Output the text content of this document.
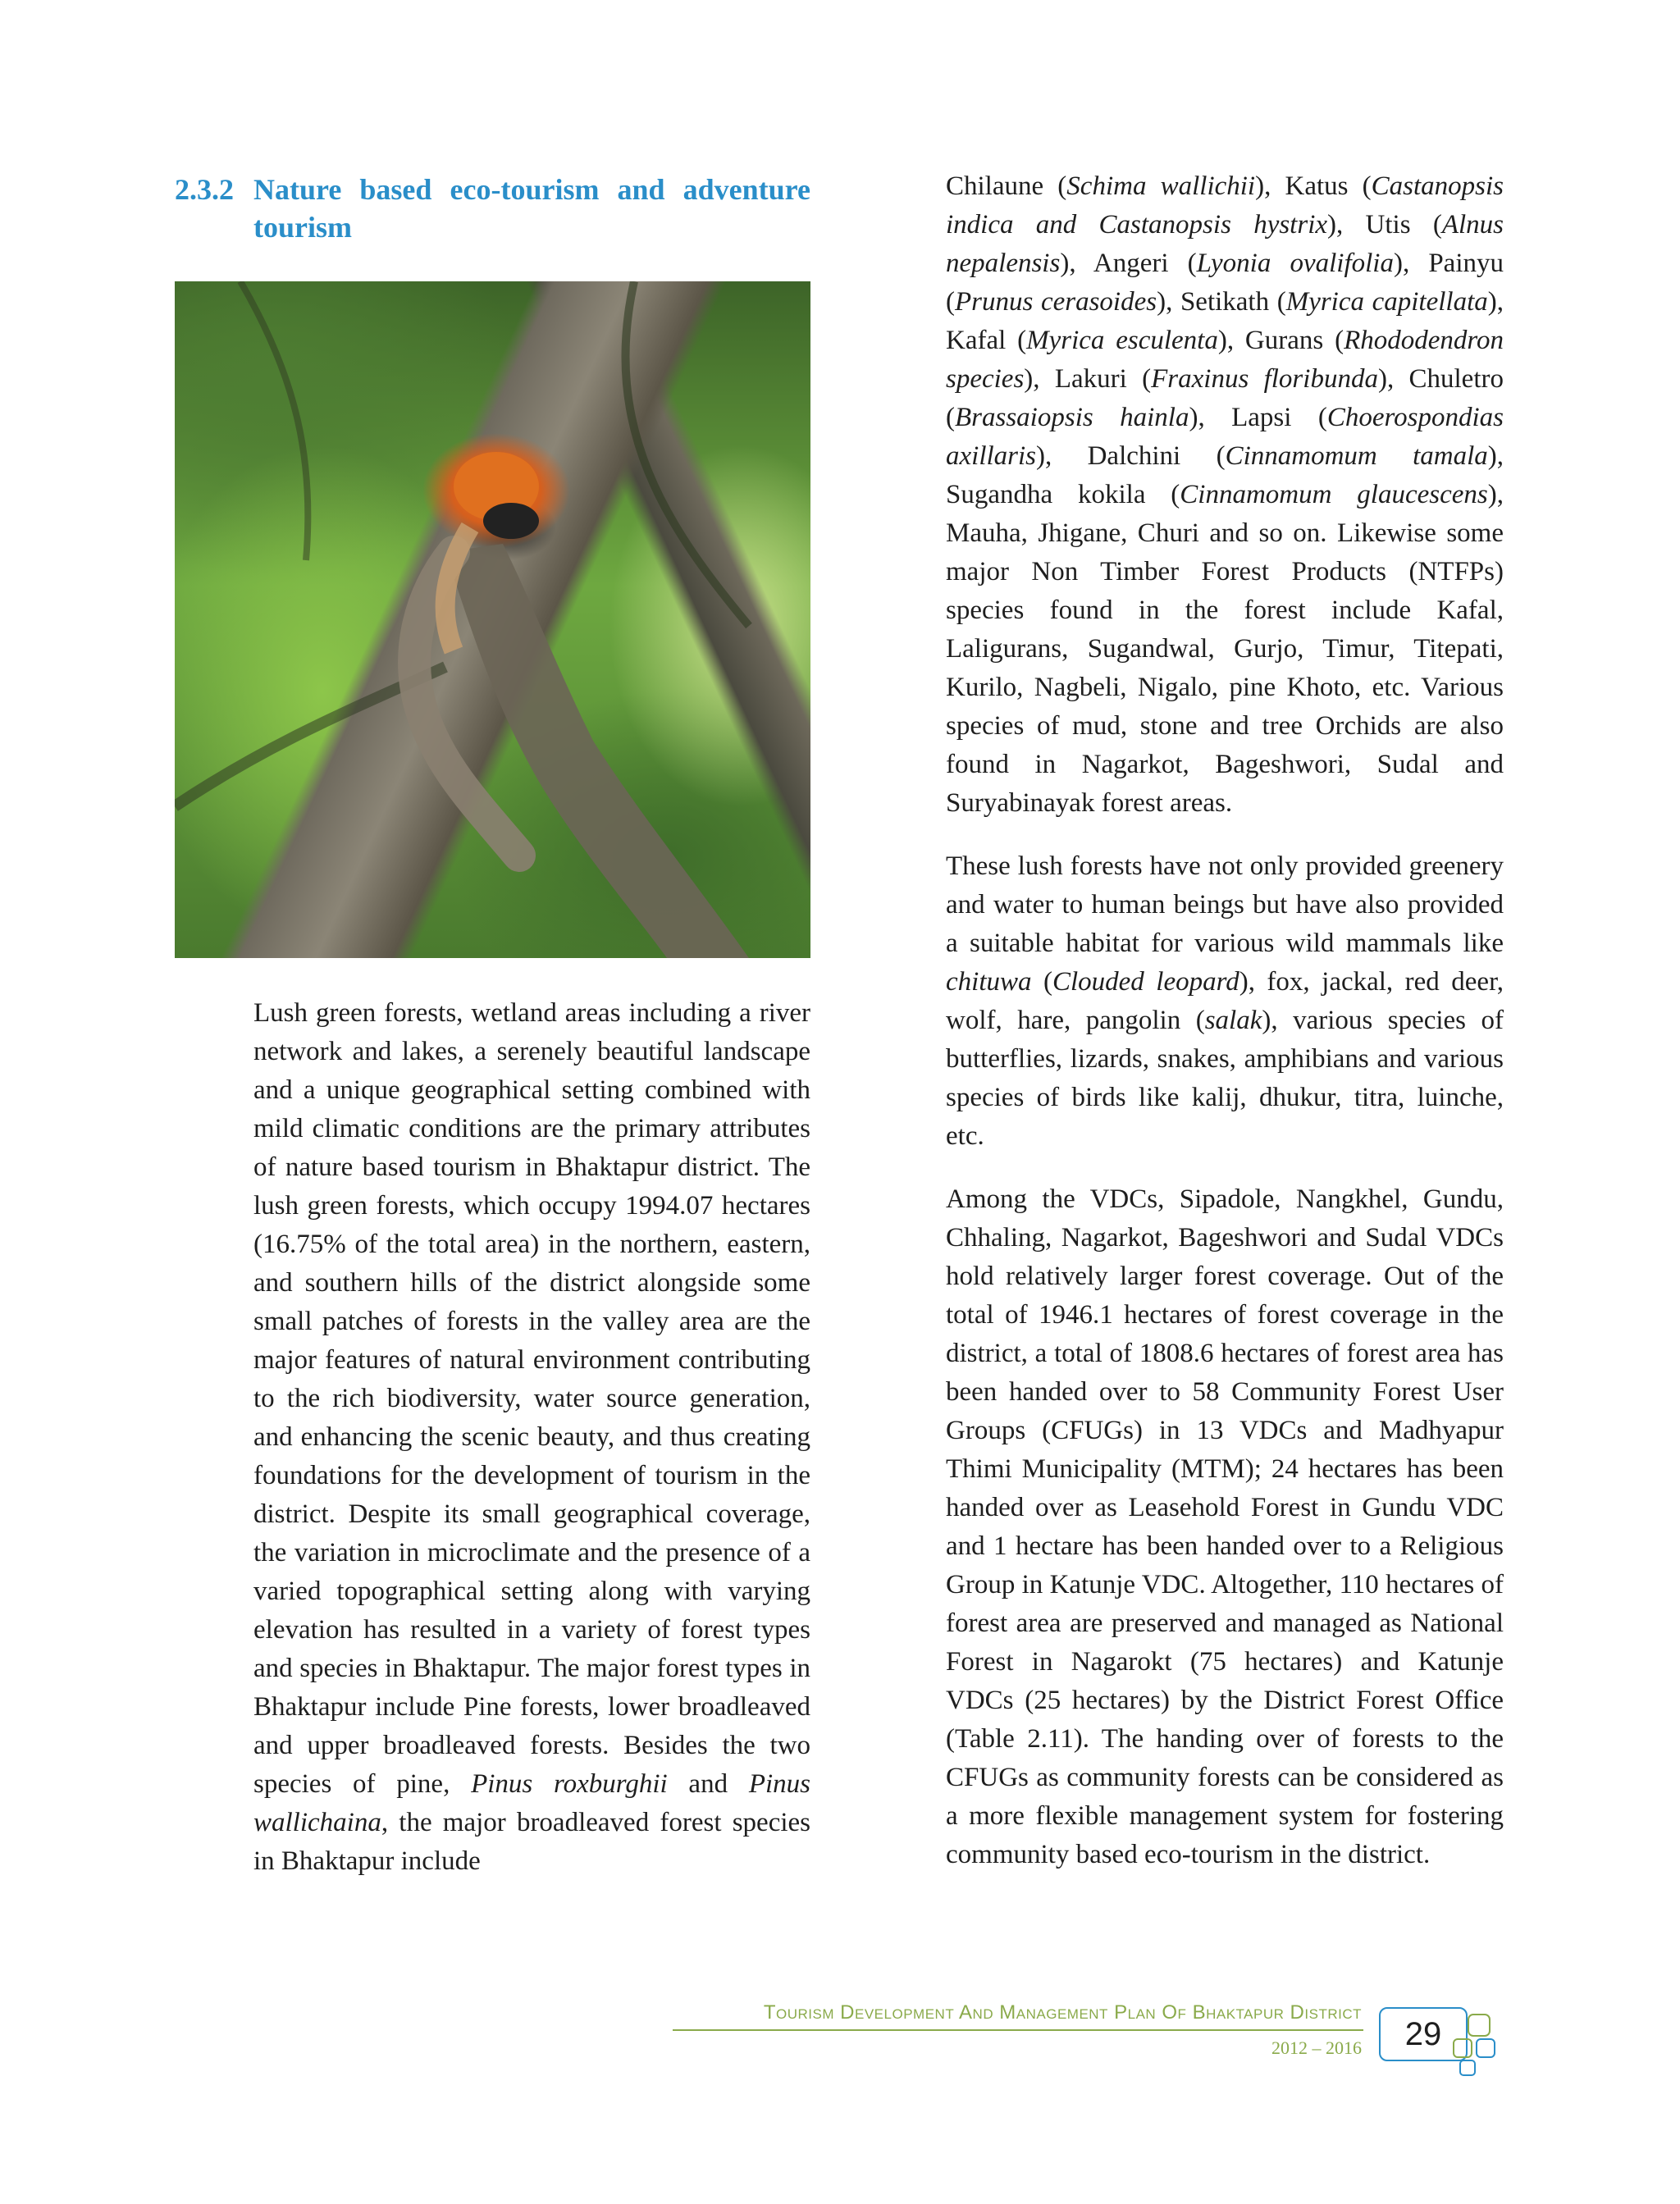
2.3.2 Nature based eco-tourism and adventure tourism

Lush green forests, wetland areas including a river network and lakes, a serenely beautiful landscape and a unique geographical setting combined with mild climatic conditions are the primary attributes of nature based tourism in Bhaktapur district. The lush green forests, which occupy 1994.07 hectares (16.75% of the total area) in the northern, eastern, and southern hills of the district alongside some small patches of forests in the valley area are the major features of natural environment contributing to the rich biodiversity, water source generation, and enhancing the scenic beauty, and thus creating foundations for the development of tourism in the district. Despite its small geographical coverage, the variation in microclimate and the presence of a varied topographical setting along with varying elevation has resulted in a variety of forest types and species in Bhaktapur. The major forest types in Bhaktapur include Pine forests, lower broadleaved and upper broadleaved forests. Besides the two species of pine, Pinus roxburghii and Pinus wallichaina, the major broadleaved forest species in Bhaktapur include

Chilaune (Schima wallichii), Katus (Castanopsis indica and Castanopsis hystrix), Utis (Alnus nepalensis), Angeri (Lyonia ovalifolia), Painyu (Prunus cerasoides), Setikath (Myrica capitellata), Kafal (Myrica esculenta), Gurans (Rhododendron species), Lakuri (Fraxinus floribunda), Chuletro (Brassaiopsis hainla), Lapsi (Choerospondias axillaris), Dalchini (Cinnamomum tamala), Sugandha kokila (Cinnamomum glaucescens), Mauha, Jhigane, Churi and so on. Likewise some major Non Timber Forest Products (NTFPs) species found in the forest include Kafal, Laligurans, Sugandwal, Gurjo, Timur, Titepati, Kurilo, Nagbeli, Nigalo, pine Khoto, etc. Various species of mud, stone and tree Orchids are also found in Nagarkot, Bageshwori, Sudal and Suryabinayak forest areas.

These lush forests have not only provided greenery and water to human beings but have also provided a suitable habitat for various wild mammals like chituwa (Clouded leopard), fox, jackal, red deer, wolf, hare, pangolin (salak), various species of butterflies, lizards, snakes, amphibians and various species of birds like kalij, dhukur, titra, luinche, etc.

Among the VDCs, Sipadole, Nangkhel, Gundu, Chhaling, Nagarkot, Bageshwori and Sudal VDCs hold relatively larger forest coverage. Out of the total of 1946.1 hectares of forest coverage in the district, a total of 1808.6 hectares of forest area has been handed over to 58 Community Forest User Groups (CFUGs) in 13 VDCs and Madhyapur Thimi Municipality (MTM); 24 hectares has been handed over as Leasehold Forest in Gundu VDC and 1 hectare has been handed over to a Religious Group in Katunje VDC. Altogether, 110 hectares of forest area are preserved and managed as National Forest in Nagarokt (75 hectares) and Katunje VDCs (25 hectares) by the District Forest Office (Table 2.11). The handing over of forests to the CFUGs as community forests can be considered as a more flexible management system for fostering community based eco-tourism in the district.

Tourism Development And Management Plan Of Bhaktapur District
2012 – 2016	29
